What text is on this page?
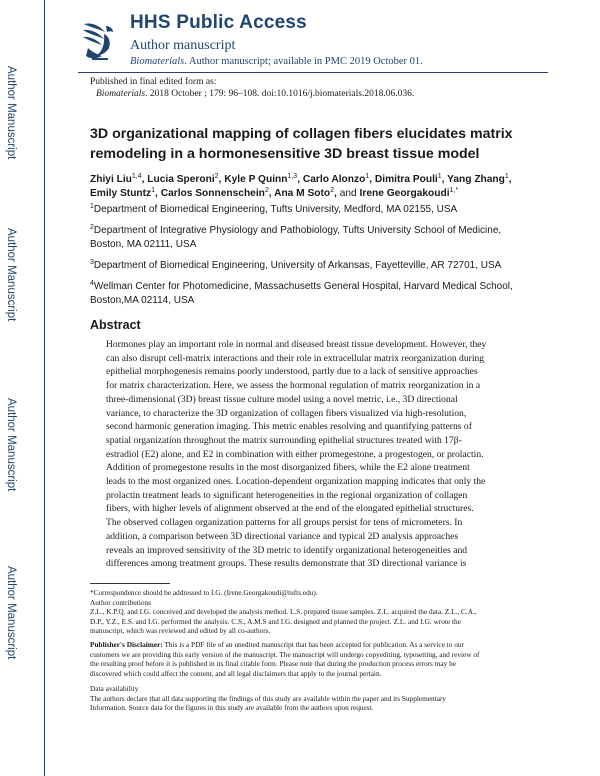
Author Manuscript
Author Manuscript
Author Manuscript
Author Manuscript
HHS Public Access
Author manuscript
Biomaterials. Author manuscript; available in PMC 2019 October 01.
Published in final edited form as:
Biomaterials. 2018 October ; 179: 96–108. doi:10.1016/j.biomaterials.2018.06.036.
3D organizational mapping of collagen fibers elucidates matrix
remodeling in a hormonesensitive 3D breast tissue model
Zhiyi Liu$^{1,4}$, Lucia Speroni$^2$, Kyle P Quinn$^{1,3}$, Carlo Alonzo$^1$, Dimitra Pouli$^1$, Yang Zhang$^1$,
Emily Stuntz$^1$, Carlos Sonnenschein$^2$, Ana M Soto$^2$, and Irene Georgakoudi$^{1,*}$
$^1$Department of Biomedical Engineering, Tufts University, Medford, MA 02155, USA
$^2$Department of Integrative Physiology and Pathobiology, Tufts University School of Medicine,
Boston, MA 02111, USA
$^3$Department of Biomedical Engineering, University of Arkansas, Fayetteville, AR 72701, USA
$^4$Wellman Center for Photomedicine, Massachusetts General Hospital, Harvard Medical School,
Boston,MA 02114, USA
Abstract
Hormones play an important role in normal and diseased breast tissue development. However, they
can also disrupt cell-matrix interactions and their role in extracellular matrix reorganization during
epithelial morphogenesis remains poorly understood, partly due to a lack of sensitive approaches
for matrix characterization. Here, we assess the hormonal regulation of matrix reorganization in a
three-dimensional (3D) breast tissue culture model using a novel metric, i.e., 3D directional
variance, to characterize the 3D organization of collagen fibers visualized via high-resolution,
second harmonic generation imaging. This metric enables resolving and quantifying patterns of
spatial organization throughout the matrix surrounding epithelial structures treated with 17β-
estradiol (E2) alone, and E2 in combination with either promegestone, a progestogen, or prolactin.
Addition of promegestone results in the most disorganized fibers, while the E2 alone treatment
leads to the most organized ones. Location-dependent organization mapping indicates that only the
prolactin treatment leads to significant heterogeneities in the regional organization of collagen
fibers, with higher levels of alignment observed at the end of the elongated epithelial structures.
The observed collagen organization patterns for all groups persist for tens of micrometers. In
addition, a comparison between 3D directional variance and typical 2D analysis approaches
reveals an improved sensitivity of the 3D metric to identify organizational heterogeneities and
differences among treatment groups. These results demonstrate that 3D directional variance is
*Correspondence should be addressed to I.G. (Irene.Georgakoudi@tufts.edu).
Author contributions
Z.L., K.P.Q. and I.G. conceived and developed the analysis method. L.S. prepared tissue samples. Z.L. acquired the data. Z.L., C.A.,
D.P., Y.Z., E.S. and I.G. performed the analysis. C.S., A.M.S and I.G. designed and planned the project. Z.L. and I.G. wrote the
manuscript, which was reviewed and edited by all co-authors.
Publisher's Disclaimer: This is a PDF file of an unedited manuscript that has been accepted for publication. As a service to our
customers we are providing this early version of the manuscript. The manuscript will undergo copyediting, typesetting, and review of
the resulting proof before it is published in its final citable form. Please note that during the production process errors may be
discovered which could affect the content, and all legal disclaimers that apply to the journal pertain.
Data availability
The authors declare that all data supporting the findings of this study are available within the paper and its Supplementary
Information. Source data for the figures in this study are available from the authors upon request.
